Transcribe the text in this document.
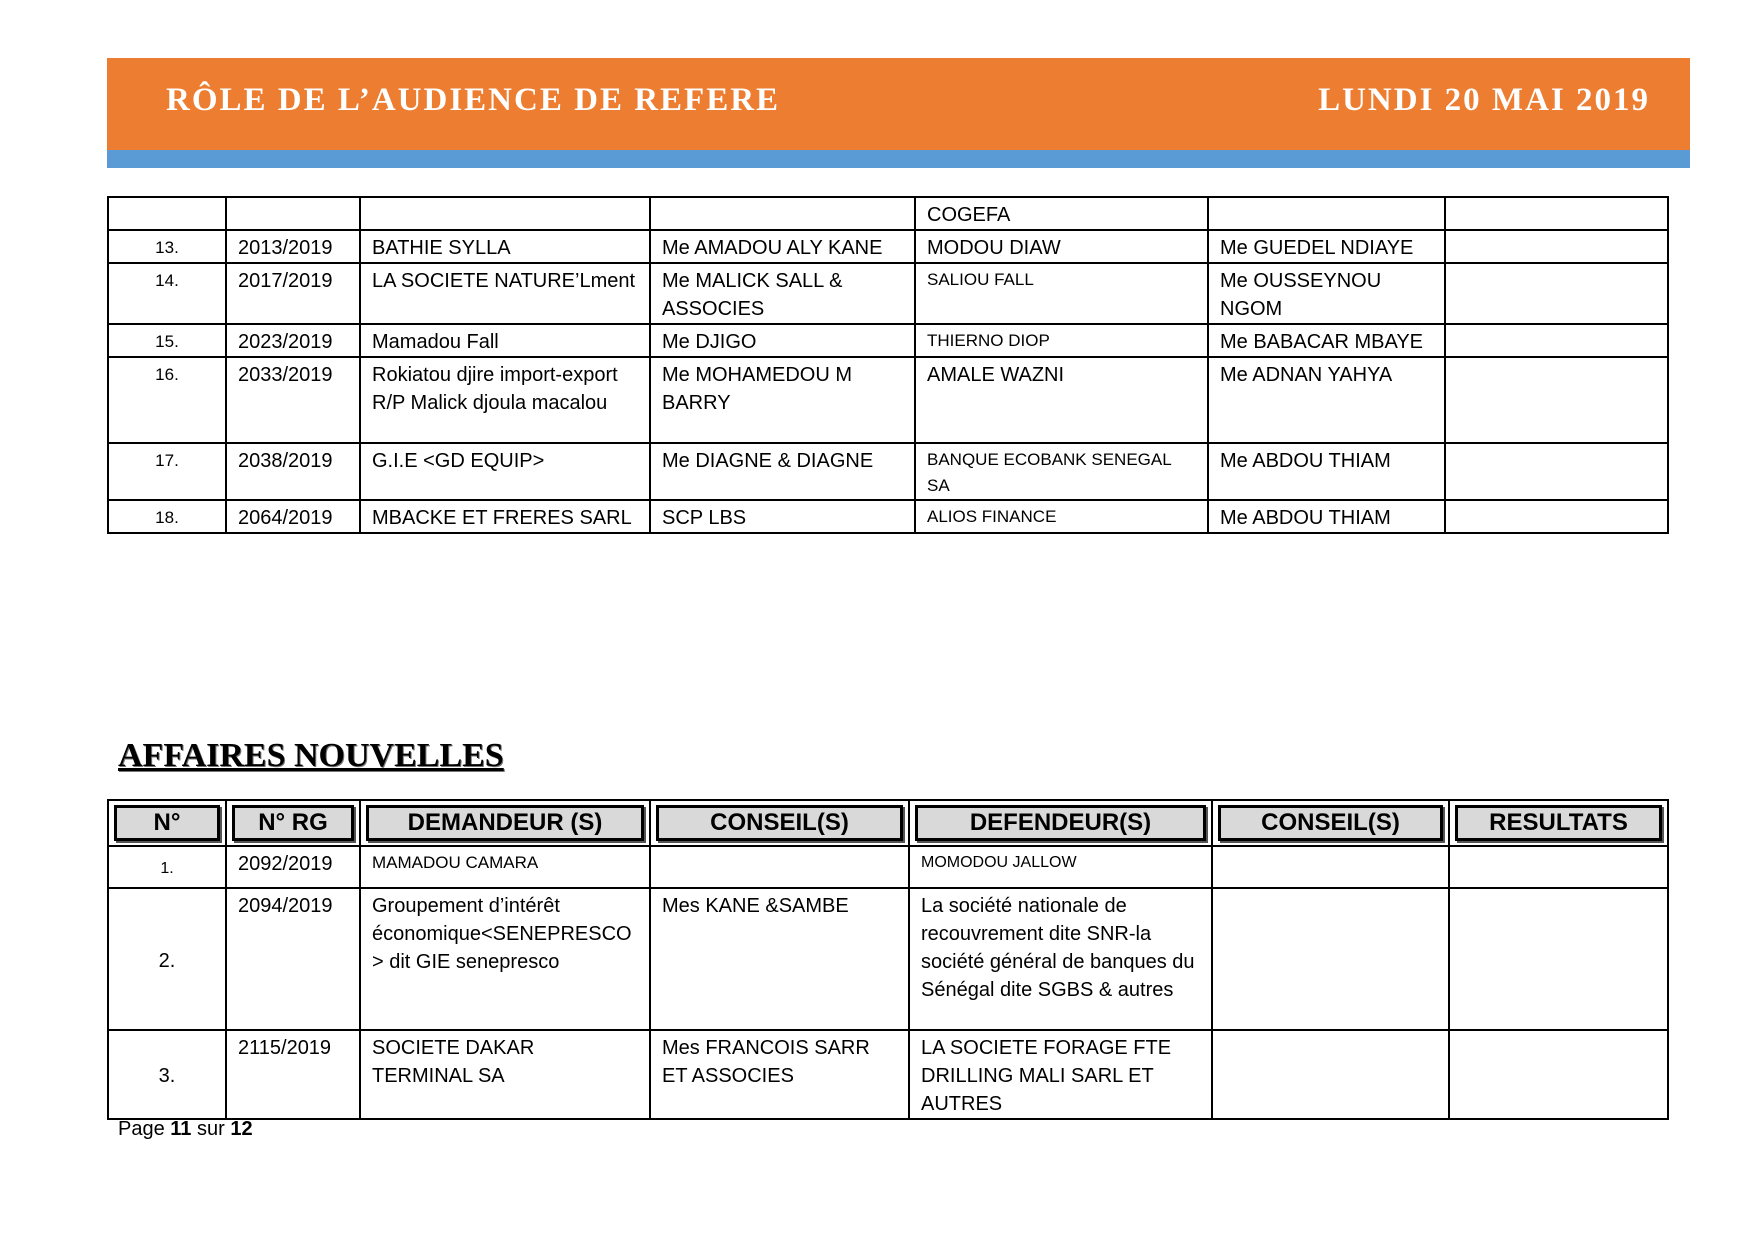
RÔLE DE L’AUDIENCE DE REFERE	LUNDI 20 MAI 2019
				COGEFA		
13.	2013/2019	BATHIE SYLLA	Me AMADOU ALY KANE	MODOU DIAW	Me GUEDEL NDIAYE	
14.	2017/2019	LA SOCIETE NATURE’Lment	Me MALICK SALL & ASSOCIES	SALIOU FALL	Me OUSSEYNOU NGOM	
15.	2023/2019	Mamadou Fall	Me DJIGO	THIERNO DIOP	Me BABACAR MBAYE	
16.	2033/2019	Rokiatou djire import-export R/P Malick djoula macalou	Me MOHAMEDOU M BARRY	AMALE WAZNI	Me ADNAN YAHYA	
17.	2038/2019	G.I.E <GD EQUIP>	Me DIAGNE & DIAGNE	BANQUE ECOBANK SENEGAL SA	Me ABDOU THIAM	
18.	2064/2019	MBACKE ET FRERES SARL	SCP LBS	ALIOS FINANCE	Me ABDOU THIAM	
AFFAIRES NOUVELLES
N°	N° RG	DEMANDEUR (S)	CONSEIL(S)	DEFENDEUR(S)	CONSEIL(S)	RESULTATS

1.	2092/2019	MAMADOU CAMARA		MOMODOU JALLOW		
2.	2094/2019	Groupement d’intérêt économique<SENEPRESCO> dit GIE senepresco	Mes KANE &SAMBE	La société nationale de recouvrement dite SNR-la société général de banques du Sénégal dite SGBS & autres		
3.	2115/2019	SOCIETE DAKAR TERMINAL SA	Mes FRANCOIS SARR ET ASSOCIES	LA SOCIETE FORAGE FTE DRILLING MALI SARL ET AUTRES		
Page 11 sur 12
